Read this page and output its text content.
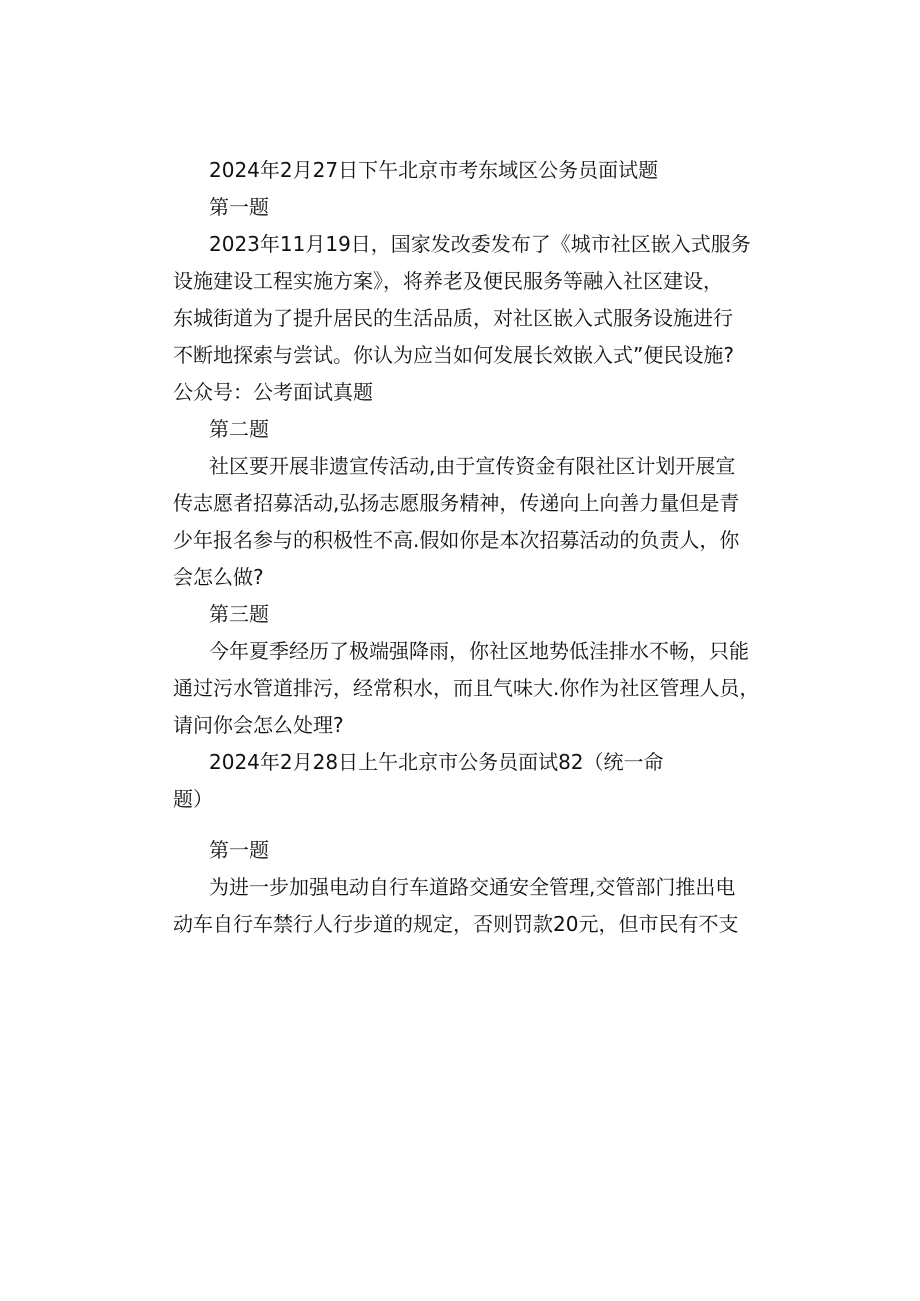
2024年2月27日下午北京市考东域区公务员面试题

第一题

2023年11月19日，国家发改委发布了《城市社区嵌入式服务

设施建设工程实施方案》，将养老及便民服务等融入社区建设，

东城街道为了提升居民的生活品质，对社区嵌入式服务设施进行

不断地探索与尝试。你认为应当如何发展长效嵌入式”便民设施?

公众号：公考面试真题

第二题

社区要开展非遗宣传活动,由于宣传资金有限社区计划开展宣

传志愿者招募活动,弘扬志愿服务精神，传递向上向善力量但是青

少年报名参与的积极性不高.假如你是本次招募活动的负责人，你

会怎么做?

第三题

今年夏季经历了极端强降雨，你社区地势低洼排水不畅，只能

通过污水管道排污，经常积水，而且气味大.你作为社区管理人员，

请问你会怎么处理?

2024年2月28日上午北京市公务员面试82（统一命

题）

第一题

为进一步加强电动自行车道路交通安全管理,交管部门推出电

动车自行车禁行人行步道的规定，否则罚款20元，但市民有不支
